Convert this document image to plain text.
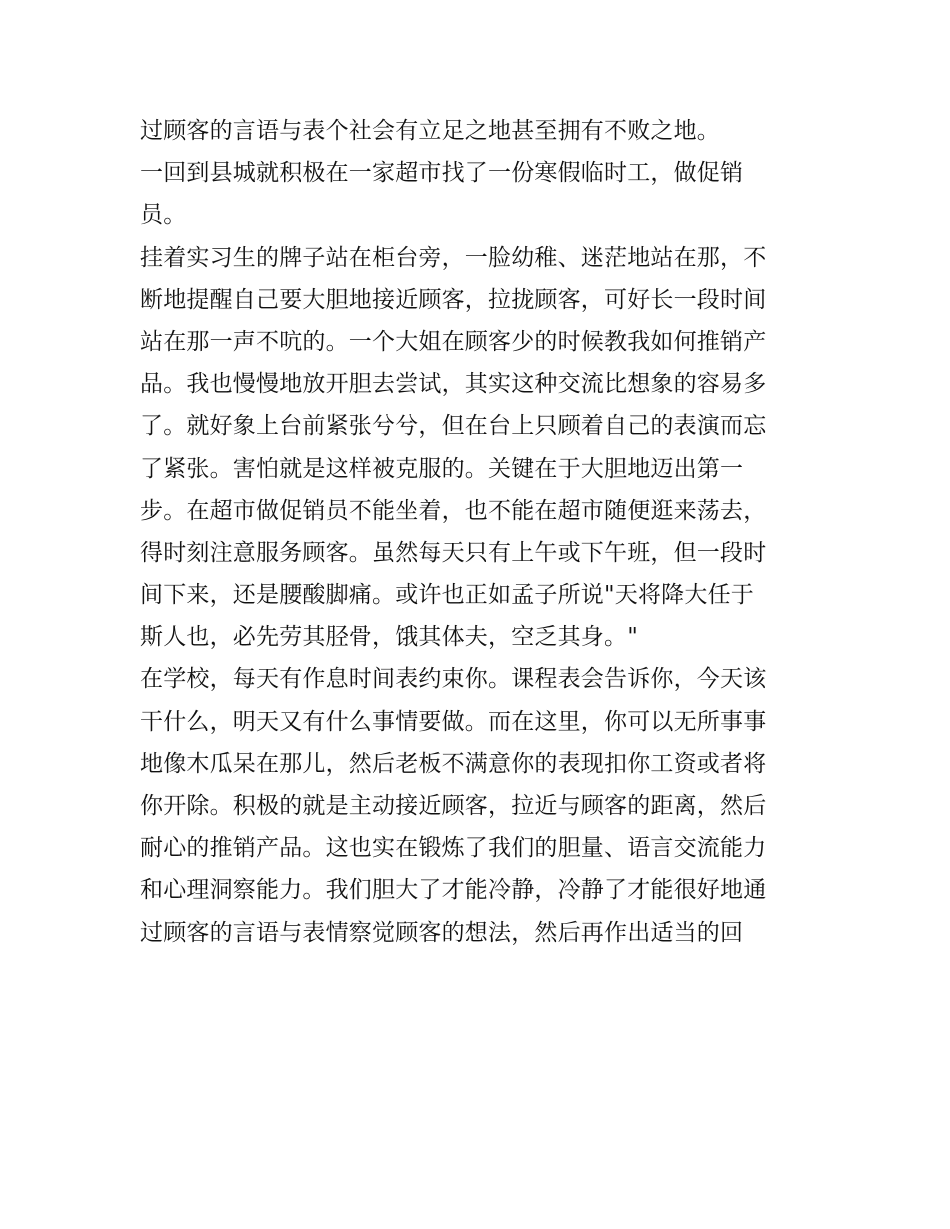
过顾客的言语与表个社会有立足之地甚至拥有不败之地。
一回到县城就积极在一家超市找了一份寒假临时工，做促销
员。
挂着实习生的牌子站在柜台旁，一脸幼稚、迷茫地站在那，不
断地提醒自己要大胆地接近顾客，拉拢顾客，可好长一段时间
站在那一声不吭的。一个大姐在顾客少的时候教我如何推销产
品。我也慢慢地放开胆去尝试，其实这种交流比想象的容易多
了。就好象上台前紧张兮兮，但在台上只顾着自己的表演而忘
了紧张。害怕就是这样被克服的。关键在于大胆地迈出第一
步。在超市做促销员不能坐着，也不能在超市随便逛来荡去，
得时刻注意服务顾客。虽然每天只有上午或下午班，但一段时
间下来，还是腰酸脚痛。或许也正如孟子所说"天将降大任于
斯人也，必先劳其胫骨，饿其体夫，空乏其身。"
在学校，每天有作息时间表约束你。课程表会告诉你，今天该
干什么，明天又有什么事情要做。而在这里，你可以无所事事
地像木瓜呆在那儿，然后老板不满意你的表现扣你工资或者将
你开除。积极的就是主动接近顾客，拉近与顾客的距离，然后
耐心的推销产品。这也实在锻炼了我们的胆量、语言交流能力
和心理洞察能力。我们胆大了才能冷静，冷静了才能很好地通
过顾客的言语与表情察觉顾客的想法，然后再作出适当的回
